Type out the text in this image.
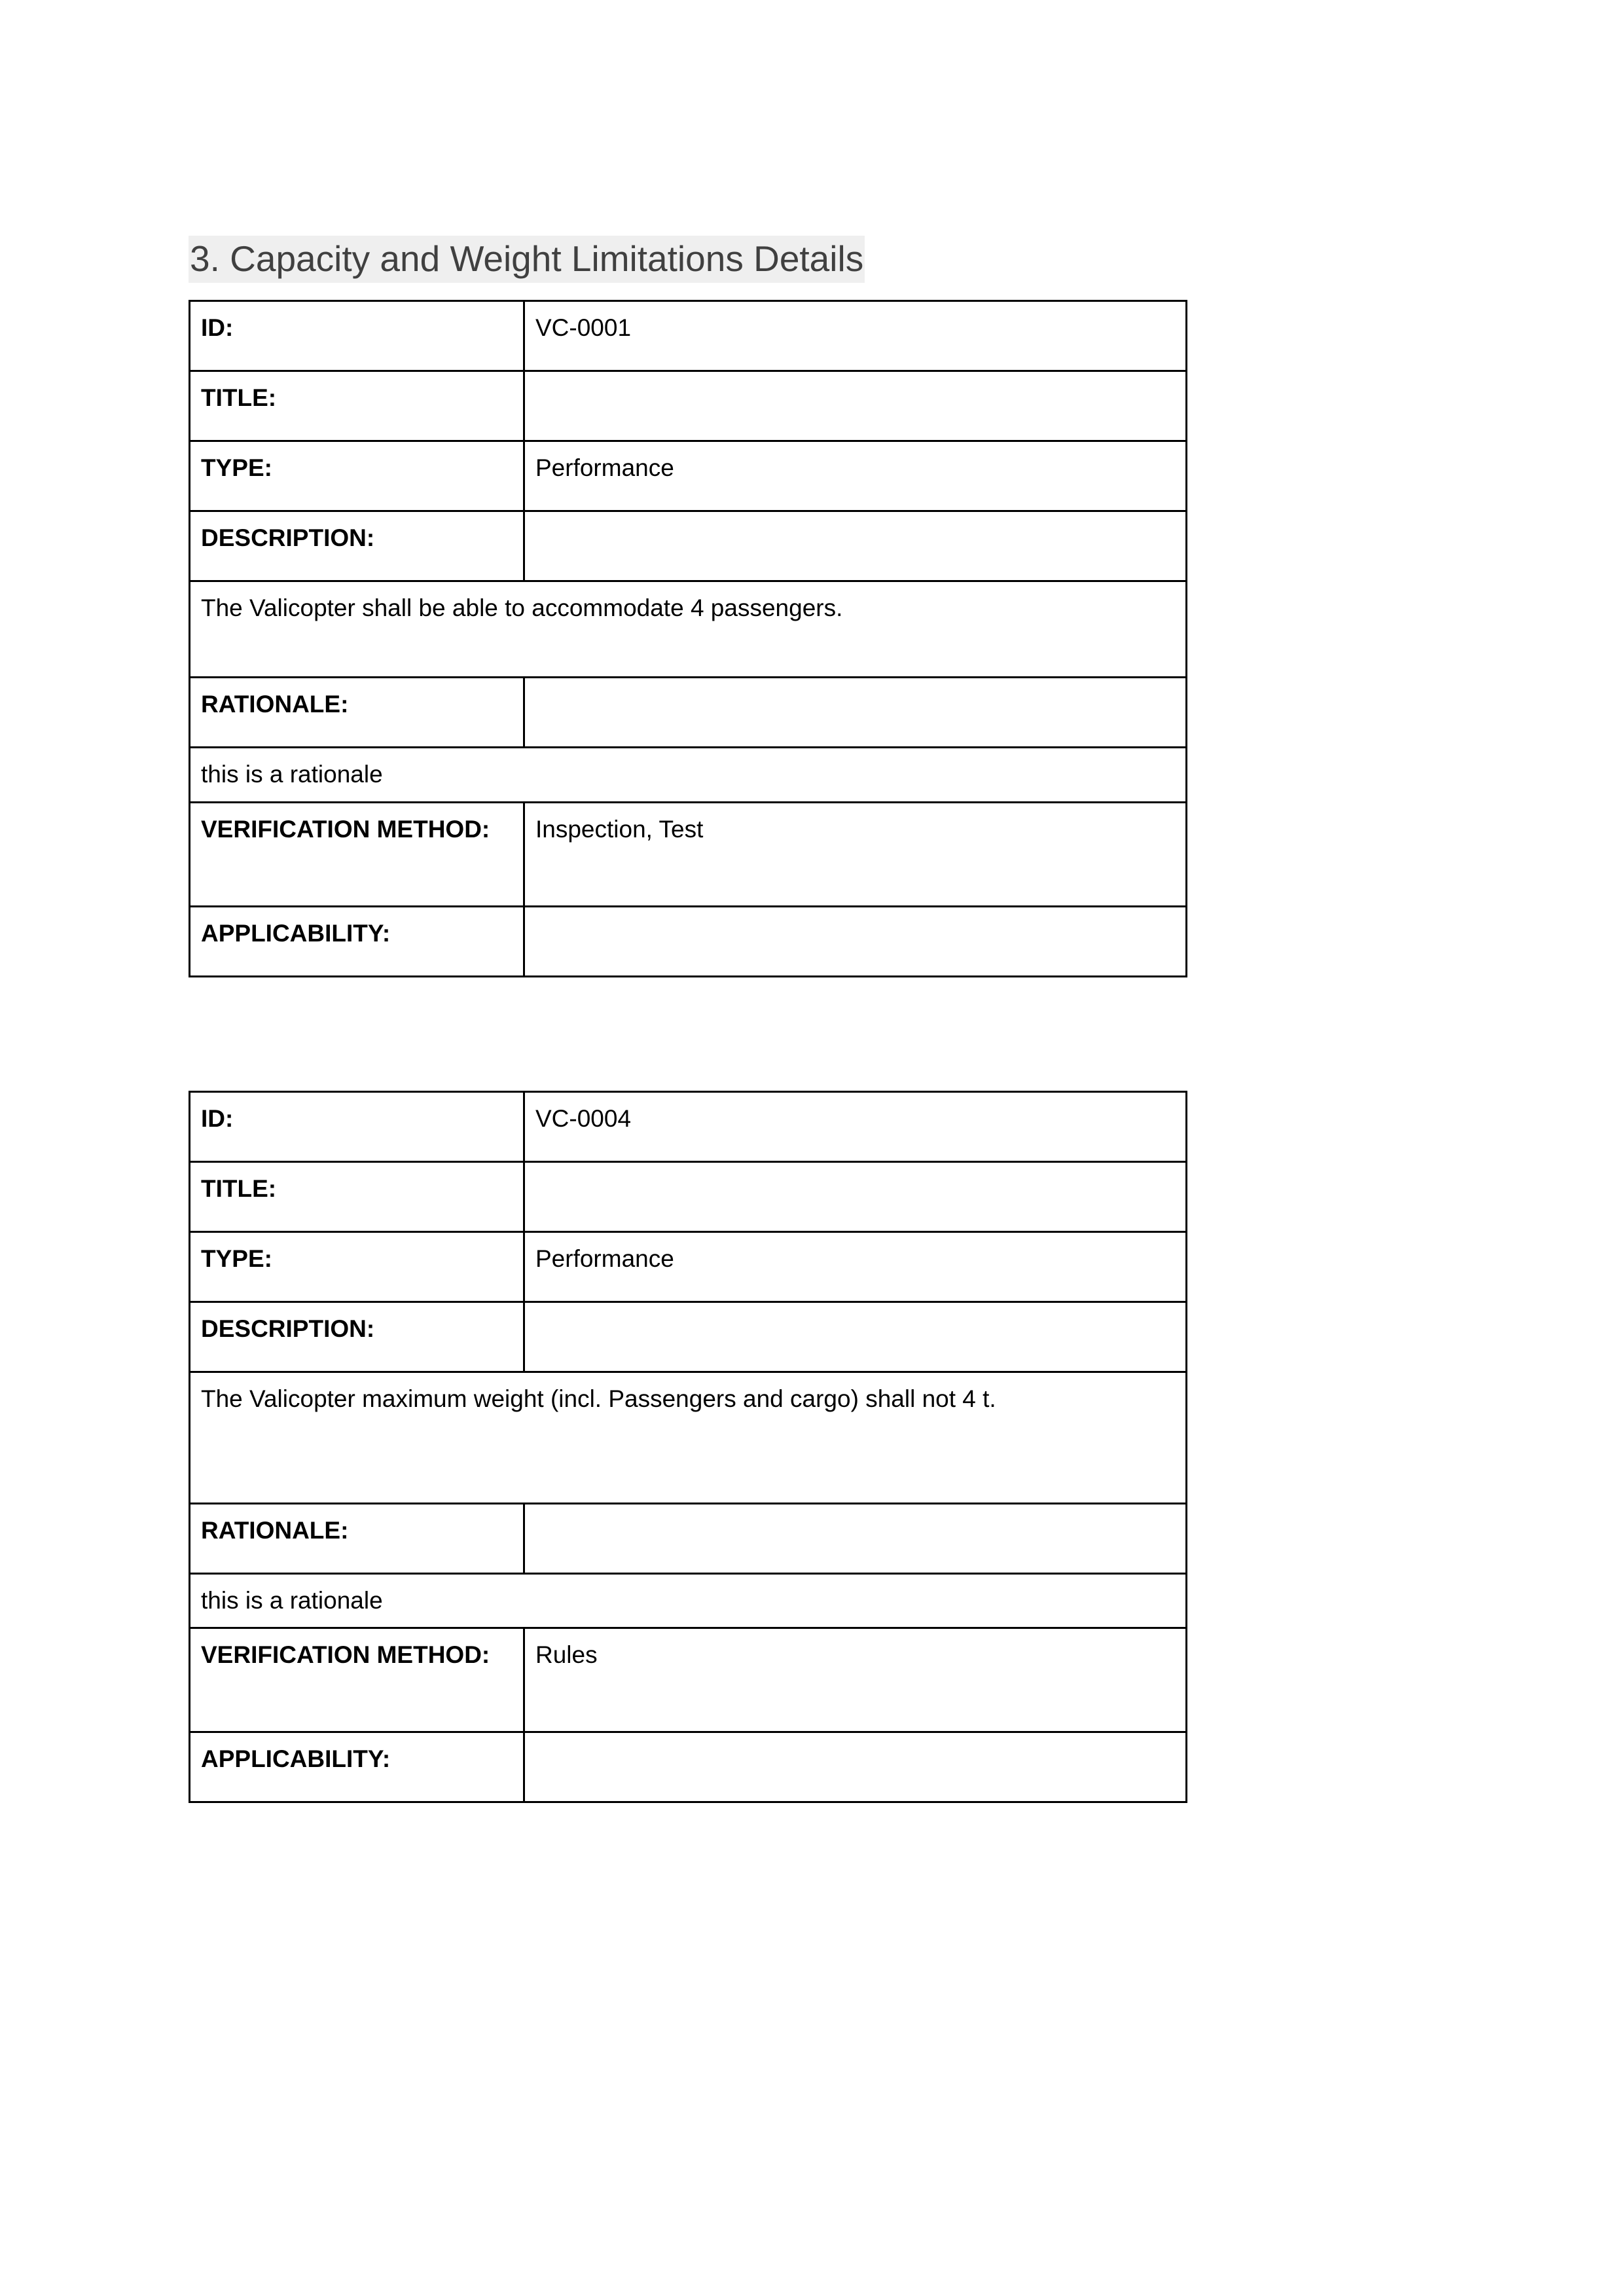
3. Capacity and Weight Limitations Details
ID:	VC-0001
TITLE:	
TYPE:	Performance
DESCRIPTION:	
The Valicopter shall be able to accommodate 4 passengers.	
RATIONALE:	
this is a rationale	
VERIFICATION METHOD:	Inspection, Test
APPLICABILITY:	
ID:	VC-0004
TITLE:	
TYPE:	Performance
DESCRIPTION:	
The Valicopter maximum weight (incl. Passengers and cargo) shall not 4 t.	
RATIONALE:	
this is a rationale	
VERIFICATION METHOD:	Rules
APPLICABILITY:	
